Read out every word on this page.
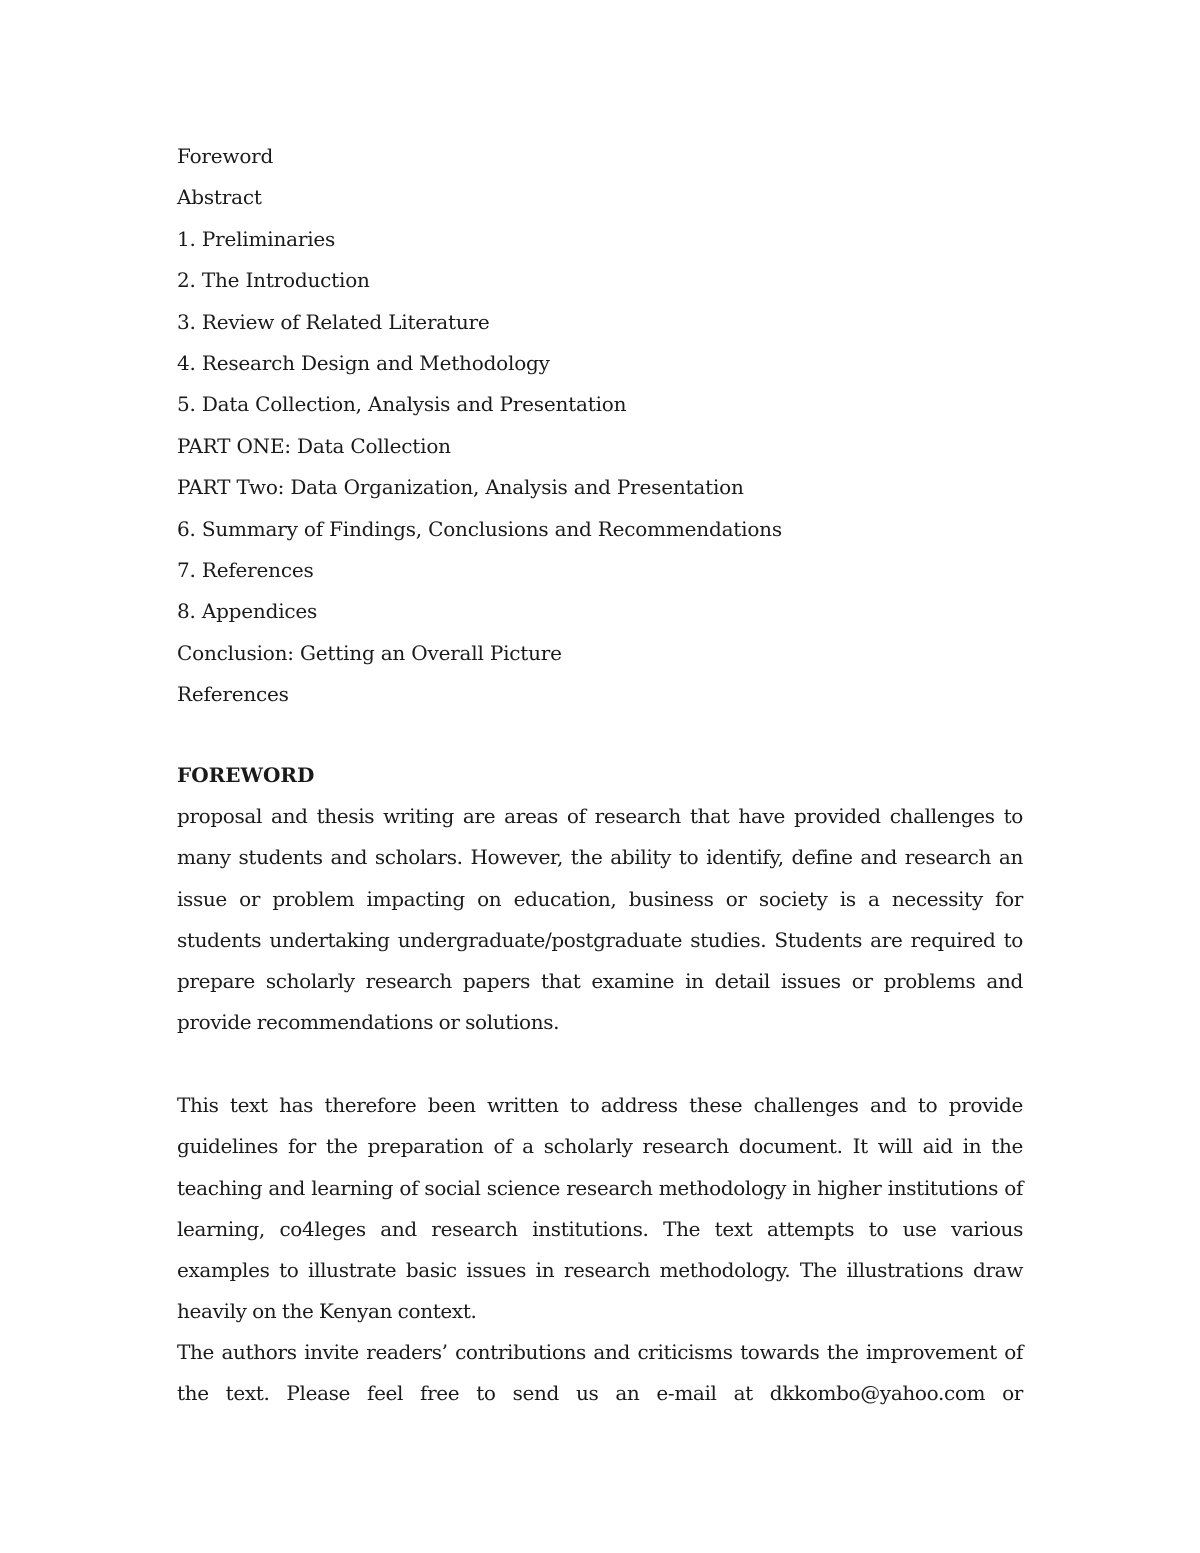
Foreword
Abstract
1. Preliminaries
2. The Introduction
3. Review of Related Literature
4. Research Design and Methodology
5. Data Collection, Analysis and Presentation
PART ONE: Data Collection
PART Two: Data Organization, Analysis and Presentation
6. Summary of Findings, Conclusions and Recommendations
7. References
8. Appendices
Conclusion: Getting an Overall Picture
References
FOREWORD

proposal and thesis writing are areas of research that have provided challenges to many students and scholars. However, the ability to identify, define and research an issue or problem impacting on education, business or society is a necessity for students undertaking undergraduate/postgraduate studies. Students are required to prepare scholarly research papers that examine in detail issues or problems and provide recommendations or solutions.

This text has therefore been written to address these challenges and to provide guidelines for the preparation of a scholarly research document. It will aid in the teaching and learning of social science research methodology in higher institutions of learning, co4leges and research institutions. The text attempts to use various examples to illustrate basic issues in research methodology. The illustrations draw heavily on the Kenyan context.

The authors invite readers’ contributions and criticisms towards the improvement of the text. Please feel free to send us an e-mail at dkkombo@yahoo.com or
